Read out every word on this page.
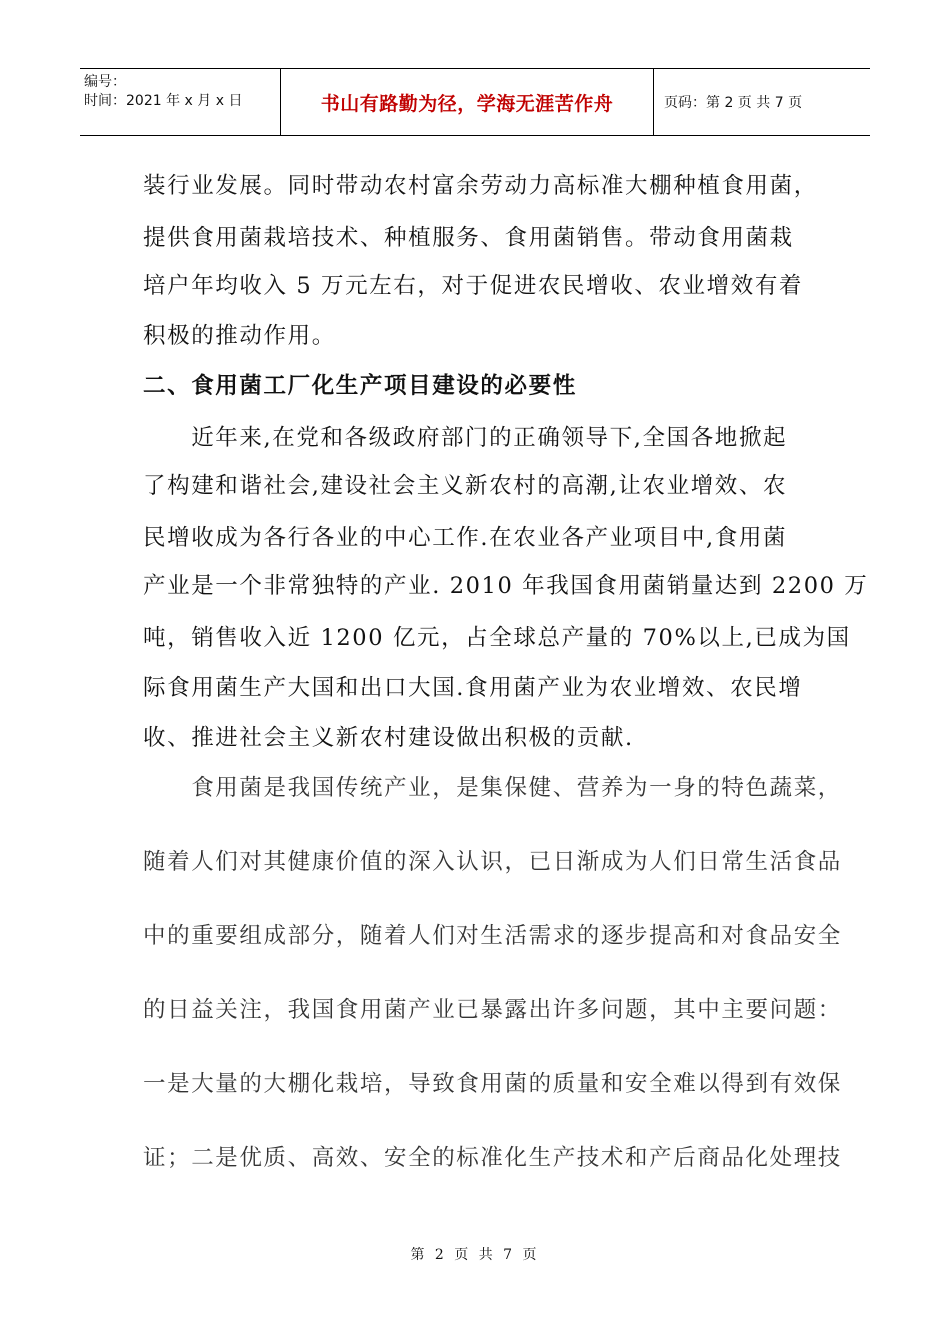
编号：
时间：2021 年 x 月 x 日	书山有路勤为径，学海无涯苦作舟	页码：第 2 页 共 7 页
装行业发展。同时带动农村富余劳动力高标准大棚种植食用菌，
提供食用菌栽培技术、种植服务、食用菌销售。带动食用菌栽
培户年均收入 5 万元左右，对于促进农民增收、农业增效有着
积极的推动作用。
二、食用菌工厂化生产项目建设的必要性
　　近年来,在党和各级政府部门的正确领导下,全国各地掀起
了构建和谐社会,建设社会主义新农村的高潮,让农业增效、农
民增收成为各行各业的中心工作.在农业各产业项目中,食用菌
产业是一个非常独特的产业. 2010 年我国食用菌销量达到 2200 万
吨，销售收入近 1200 亿元，占全球总产量的 70%以上,已成为国
际食用菌生产大国和出口大国.食用菌产业为农业增效、农民增
收、推进社会主义新农村建设做出积极的贡献.
　　食用菌是我国传统产业，是集保健、营养为一身的特色蔬菜，
随着人们对其健康价值的深入认识，已日渐成为人们日常生活食品
中的重要组成部分，随着人们对生活需求的逐步提高和对食品安全
的日益关注，我国食用菌产业已暴露出许多问题，其中主要问题：
一是大量的大棚化栽培，导致食用菌的质量和安全难以得到有效保
证；二是优质、高效、安全的标准化生产技术和产后商品化处理技
第 2 页 共 7 页
